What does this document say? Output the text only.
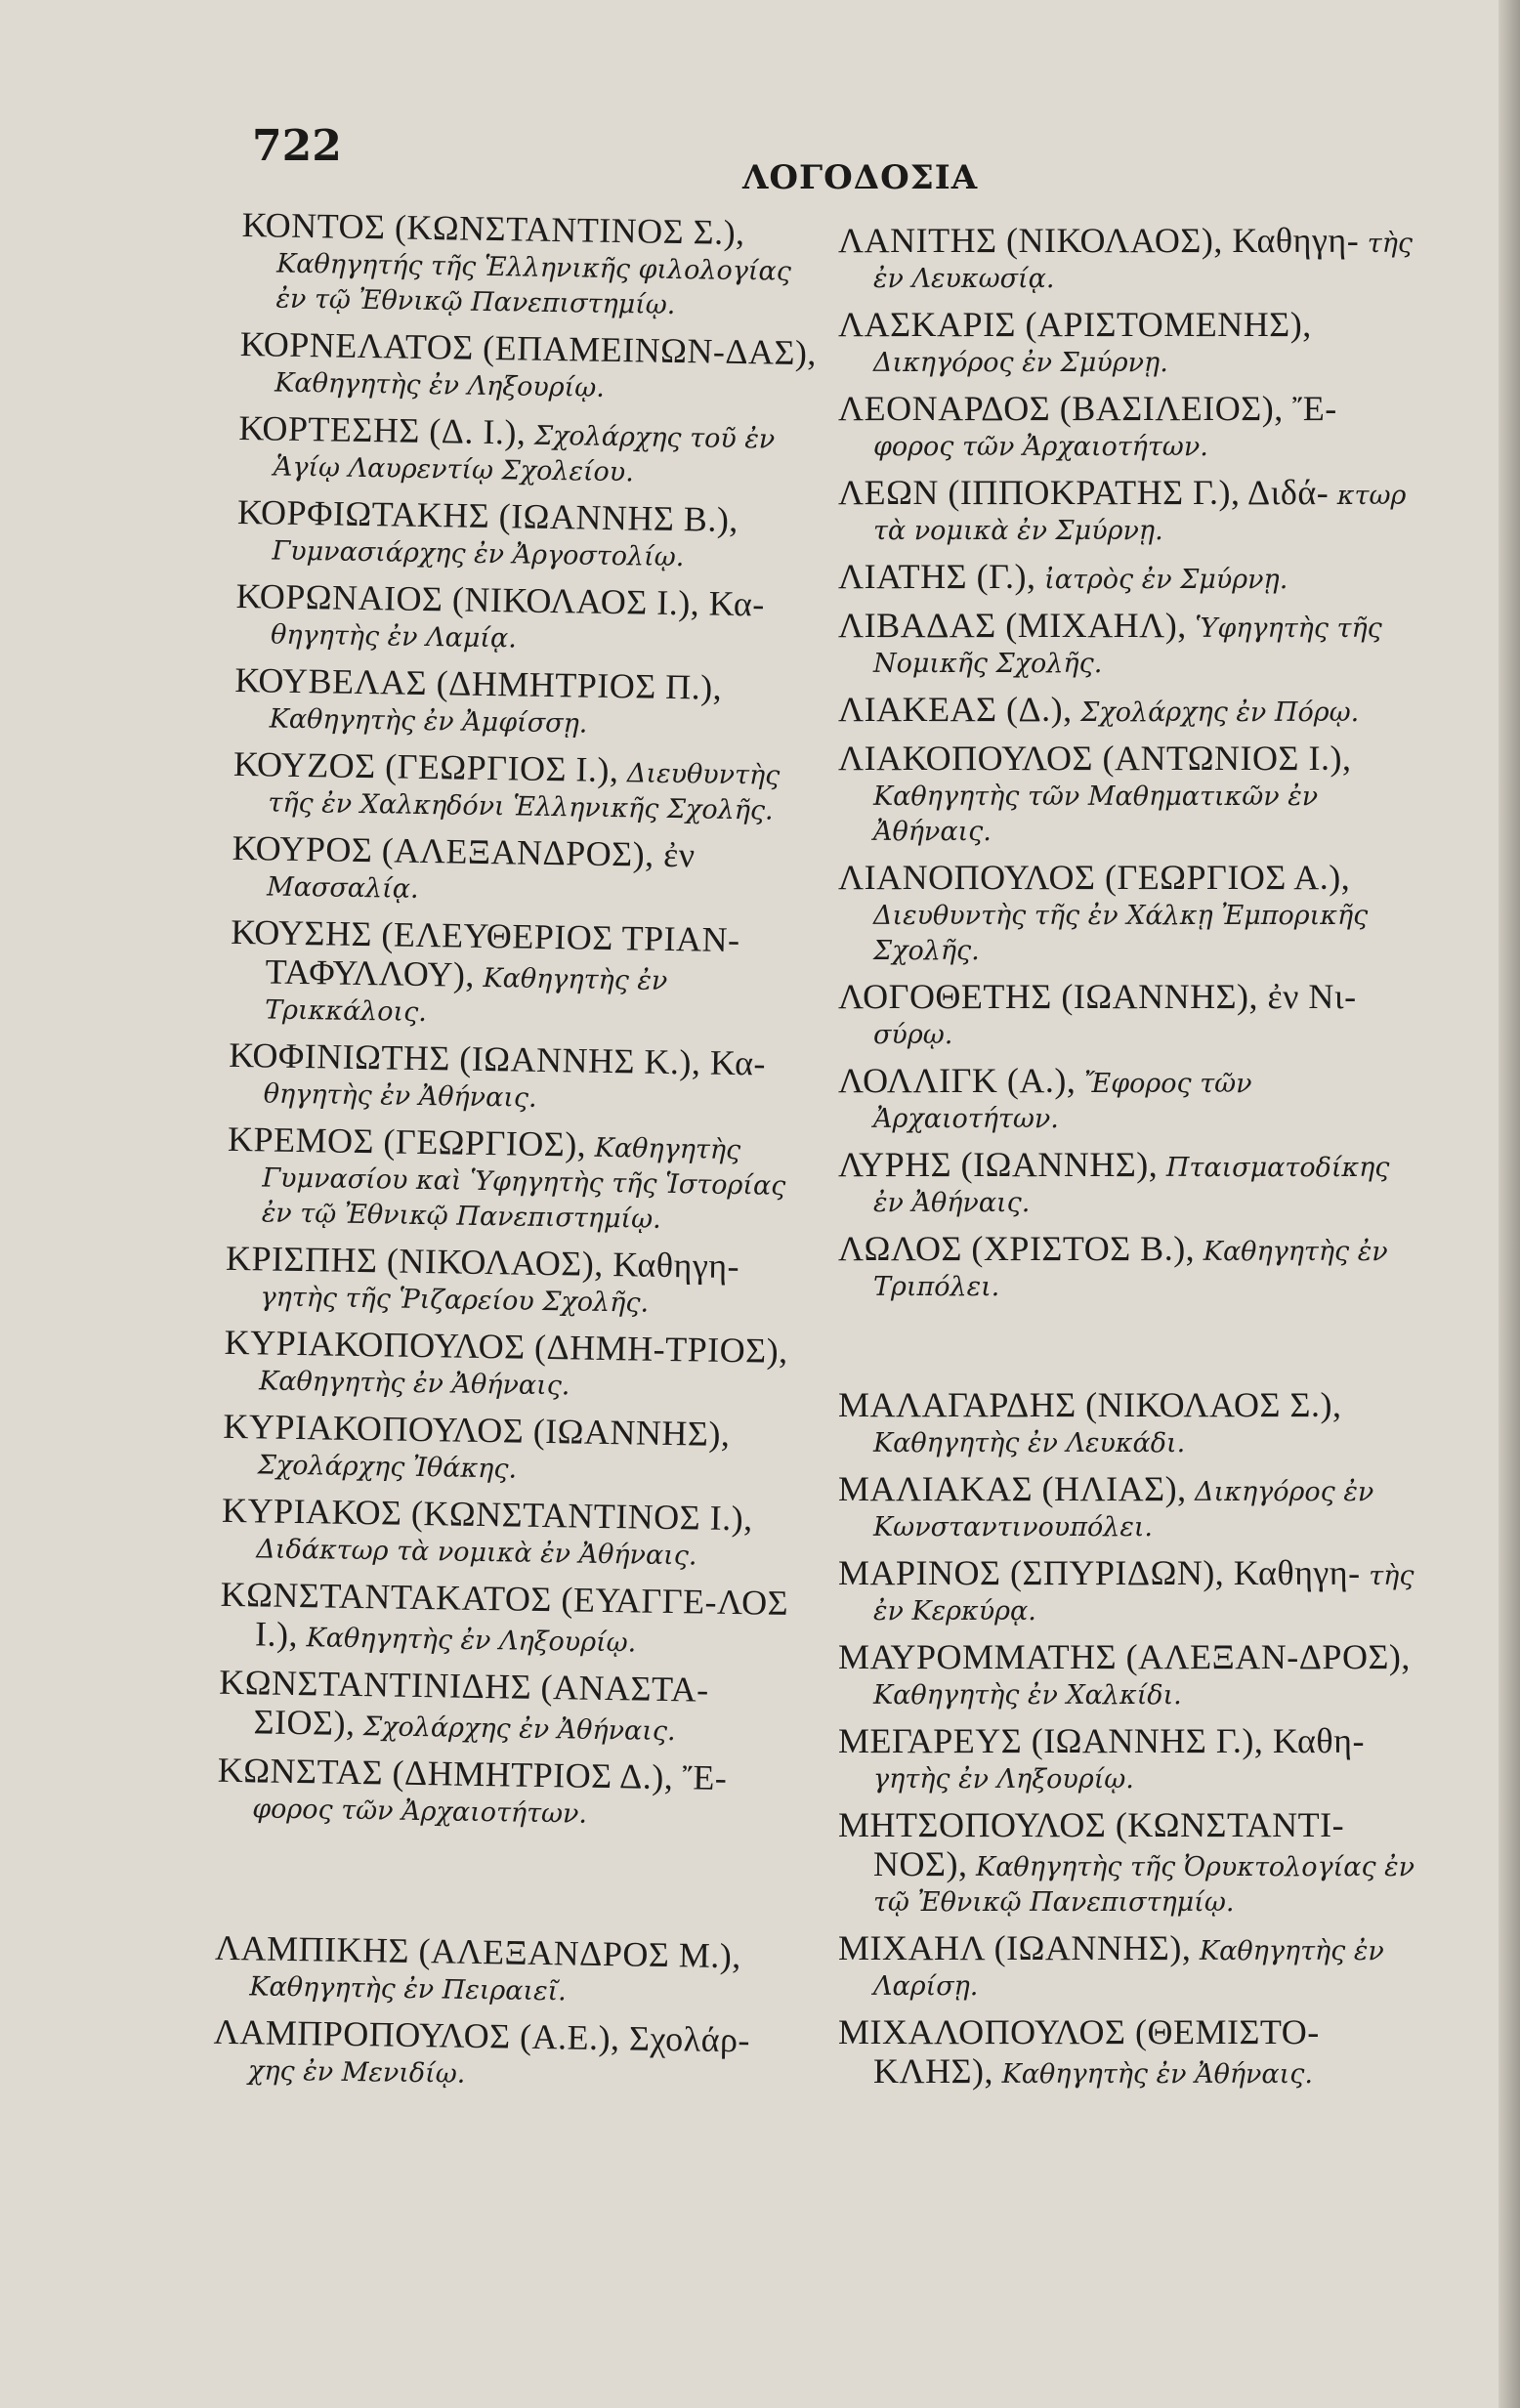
722
ΛΟΓΟΔΟΣΙΑ
ΚΟΝΤΟΣ (ΚΩΝΣΤΑΝΤΙΝΟΣ Σ.), Καθηγητής τῆς Ἑλληνικῆς φιλολογίας ἐν τῷ Ἐθνικῷ Πανεπιστημίῳ.
ΚΟΡΝΕΛΑΤΟΣ (ΕΠΑΜΕΙΝΩΝ-ΔΑΣ), Καθηγητὴς ἐν Ληξουρίῳ.
ΚΟΡΤΕΣΗΣ (Δ. Ι.), Σχολάρχης τοῦ ἐν Ἁγίῳ Λαυρεντίῳ Σχολείου.
ΚΟΡΦΙΩΤΑΚΗΣ (ΙΩΑΝΝΗΣ Β.), Γυμνασιάρχης ἐν Ἀργοστολίῳ.
ΚΟΡΩΝΑΙΟΣ (ΝΙΚΟΛΑΟΣ Ι.), Κα- θηγητὴς ἐν Λαμίᾳ.
ΚΟΥΒΕΛΑΣ (ΔΗΜΗΤΡΙΟΣ Π.), Καθηγητὴς ἐν Ἀμφίσσῃ.
ΚΟΥΖΟΣ (ΓΕΩΡΓΙΟΣ Ι.), Διευθυντὴς τῆς ἐν Χαλκηδόνι Ἑλληνικῆς Σχολῆς.
ΚΟΥΡΟΣ (ΑΛΕΞΑΝΔΡΟΣ), ἐν Μασσαλίᾳ.
ΚΟΥΣΗΣ (ΕΛΕΥΘΕΡΙΟΣ ΤΡΙΑΝ-ΤΑΦΥΛΛΟΥ), Καθηγητὴς ἐν Τρικκάλοις.
ΚΟΦΙΝΙΩΤΗΣ (ΙΩΑΝΝΗΣ Κ.), Κα- θηγητὴς ἐν Ἀθήναις.
ΚΡΕΜΟΣ (ΓΕΩΡΓΙΟΣ), Καθηγητὴς Γυμνασίου καὶ Ὑφηγητὴς τῆς Ἱστορίας ἐν τῷ Ἐθνικῷ Πανεπιστημίῳ.
ΚΡΙΣΠΗΣ (ΝΙΚΟΛΑΟΣ), Καθηγη- γητὴς τῆς Ῥιζαρείου Σχολῆς.
ΚΥΡΙΑΚΟΠΟΥΛΟΣ (ΔΗΜΗ-ΤΡΙΟΣ), Καθηγητὴς ἐν Ἀθήναις.
ΚΥΡΙΑΚΟΠΟΥΛΟΣ (ΙΩΑΝΝΗΣ), Σχολάρχης Ἰθάκης.
ΚΥΡΙΑΚΟΣ (ΚΩΝΣΤΑΝΤΙΝΟΣ Ι.), Διδάκτωρ τὰ νομικὰ ἐν Ἀθήναις.
ΚΩΝΣΤΑΝΤΑΚΑΤΟΣ (ΕΥΑΓΓΕ-ΛΟΣ Ι.), Καθηγητὴς ἐν Ληξουρίῳ.
ΚΩΝΣΤΑΝΤΙΝΙΔΗΣ (ΑΝΑΣΤΑ-ΣΙΟΣ), Σχολάρχης ἐν Ἀθήναις.
ΚΩΝΣΤΑΣ (ΔΗΜΗΤΡΙΟΣ Δ.), Ἔ- φορος τῶν Ἀρχαιοτήτων.
ΛΑΜΠΙΚΗΣ (ΑΛΕΞΑΝΔΡΟΣ Μ.), Καθηγητὴς ἐν Πειραιεῖ.
ΛΑΜΠΡΟΠΟΥΛΟΣ (Α.Ε.), Σχολάρ- χης ἐν Μενιδίῳ.
ΛΑΝΙΤΗΣ (ΝΙΚΟΛΑΟΣ), Καθηγη- τὴς ἐν Λευκωσίᾳ.
ΛΑΣΚΑΡΙΣ (ΑΡΙΣΤΟΜΕΝΗΣ), Δικηγόρος ἐν Σμύρνῃ.
ΛΕΟΝΑΡΔΟΣ (ΒΑΣΙΛΕΙΟΣ), Ἔ- φορος τῶν Ἀρχαιοτήτων.
ΛΕΩΝ (ΙΠΠΟΚΡΑΤΗΣ Γ.), Διδά- κτωρ τὰ νομικὰ ἐν Σμύρνῃ.
ΛΙΑΤΗΣ (Γ.), ἰατρὸς ἐν Σμύρνῃ.
ΛΙΒΑΔΑΣ (ΜΙΧΑΗΛ), Ὑφηγητὴς τῆς Νομικῆς Σχολῆς.
ΛΙΑΚΕΑΣ (Δ.), Σχολάρχης ἐν Πόρῳ.
ΛΙΑΚΟΠΟΥΛΟΣ (ΑΝΤΩΝΙΟΣ Ι.), Καθηγητὴς τῶν Μαθηματικῶν ἐν Ἀθήναις.
ΛΙΑΝΟΠΟΥΛΟΣ (ΓΕΩΡΓΙΟΣ Α.), Διευθυντὴς τῆς ἐν Χάλκῃ Ἐμπορικῆς Σχολῆς.
ΛΟΓΟΘΕΤΗΣ (ΙΩΑΝΝΗΣ), ἐν Νι- σύρῳ.
ΛΟΛΛΙΓΚ (Α.), Ἔφορος τῶν Ἀρχαιοτήτων.
ΛΥΡΗΣ (ΙΩΑΝΝΗΣ), Πταισματοδίκης ἐν Ἀθήναις.
ΛΩΛΟΣ (ΧΡΙΣΤΟΣ Β.), Καθηγητὴς ἐν Τριπόλει.
ΜΑΛΑΓΑΡΔΗΣ (ΝΙΚΟΛΑΟΣ Σ.), Καθηγητὴς ἐν Λευκάδι.
ΜΑΛΙΑΚΑΣ (ΗΛΙΑΣ), Δικηγόρος ἐν Κωνσταντινουπόλει.
ΜΑΡΙΝΟΣ (ΣΠΥΡΙΔΩΝ), Καθηγη- τὴς ἐν Κερκύρᾳ.
ΜΑΥΡΟΜΜΑΤΗΣ (ΑΛΕΞΑΝ-ΔΡΟΣ), Καθηγητὴς ἐν Χαλκίδι.
ΜΕΓΑΡΕΥΣ (ΙΩΑΝΝΗΣ Γ.), Καθη- γητὴς ἐν Ληξουρίῳ.
ΜΗΤΣΟΠΟΥΛΟΣ (ΚΩΝΣΤΑΝΤΙ-ΝΟΣ), Καθηγητὴς τῆς Ὀρυκτολογίας ἐν τῷ Ἐθνικῷ Πανεπιστημίῳ.
ΜΙΧΑΗΛ (ΙΩΑΝΝΗΣ), Καθηγητὴς ἐν Λαρίσῃ.
ΜΙΧΑΛΟΠΟΥΛΟΣ (ΘΕΜΙΣΤΟ-ΚΛΗΣ), Καθηγητὴς ἐν Ἀθήναις.
